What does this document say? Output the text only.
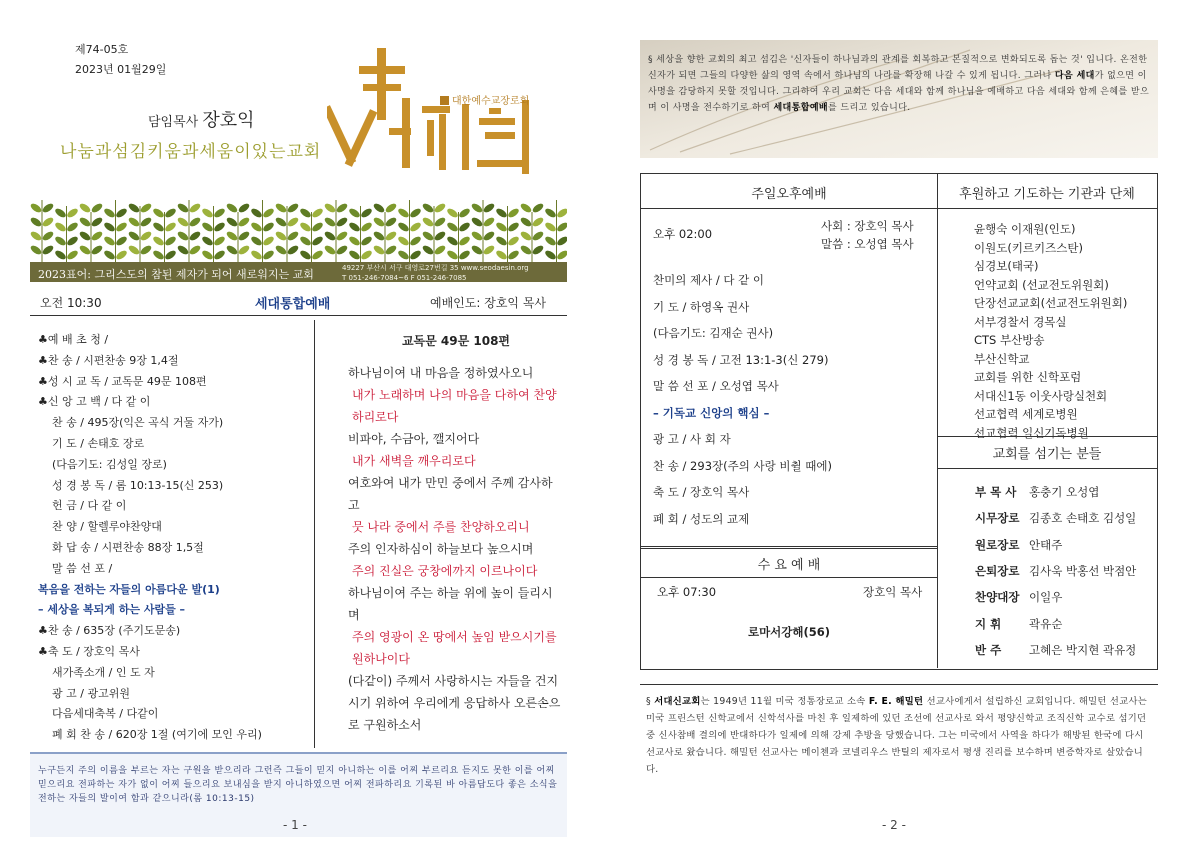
제74-05호
2023년 01월29일
담임목사 장호익
나눔과섬김키움과세움이있는교회
대한예수교장로회
2023표어: 그리스도의 참된 제자가 되어 새로워지는 교회	49227 부산시 서구 대영로27번길 35 www.seodaesin.org
T 051-246-7084~6 F 051-246-7085
오전 10:30	세대통합예배	예배인도: 장호익 목사
♣예 배 초 청 /
♣찬 송 / 시편찬송 9장 1,4절
♣성 시 교 독 / 교독문 49문 108편
♣신 앙 고 백 / 다 같 이
찬 송 / 495장(익은 곡식 거둘 자가)
기 도 / 손태호 장로
(다음기도: 김성일 장로)
성 경 봉 독 / 롬 10:13-15(신 253)
헌 금 / 다 같 이
찬 양 / 할렐루야찬양대
화 답 송 / 시편찬송 88장 1,5절
말 씀 선 포 /
복음을 전하는 자들의 아름다운 발(1)
– 세상을 복되게 하는 사람들 –
♣찬 송 / 635장 (주기도문송)
♣축 도 / 장호익 목사
새가족소개 / 인 도 자
광 고 / 광고위원
다음세대축복 / 다같이
폐 회 찬 송 / 620장 1절 (여기에 모인 우리)
교독문 49문 108편
하나님이여 내 마음을 정하였사오니
내가 노래하며 나의 마음을 다하여 찬양하리로다
비파야, 수금아, 깰지어다
내가 새벽을 깨우리로다
여호와여 내가 만민 중에서 주께 감사하고
뭇 나라 중에서 주를 찬양하오리니
주의 인자하심이 하늘보다 높으시며
주의 진실은 궁창에까지 이르나이다
하나님이여 주는 하늘 위에 높이 들리시며
주의 영광이 온 땅에서 높임 받으시기를 원하나이다
(다같이) 주께서 사랑하시는 자들을 건지시기 위하여 우리에게 응답하사 오른손으로 구원하소서
누구든지 주의 이름을 부르는 자는 구원을 받으리라 그런즉 그들이 믿지 아니하는 이를 어찌 부르리요 듣지도 못한 이를 어찌 믿으리요 전파하는 자가 없이 어찌 들으리요 보내심을 받지 아니하였으면 어찌 전파하리요 기록된 바 아름답도다 좋은 소식을 전하는 자들의 발이여 함과 같으니라(롬 10:13-15)
- 1 -
§ 세상을 향한 교회의 최고 섬김은 '신자들이 하나님과의 관계를 회복하고 본질적으로 변화되도록 돕는 것' 입니다. 온전한 신자가 되면 그들의 다양한 삶의 영역 속에서 하나님의 나라를 확장해 나갈 수 있게 됩니다. 그러나 다음 세대가 없으면 이 사명을 감당하지 못할 것입니다. 그리하여 우리 교회는 다음 세대와 함께 하나님을 예배하고 다음 세대와 함께 은혜를 받으며 이 사명을 전수하기로 하여 세대통합예배를 드리고 있습니다.
주일오후예배	후원하고 기도하는 기관과 단체
오후 02:00
사회 : 장호익 목사
말씀 : 오성엽 목사
찬미의 제사 / 다 같 이
기 도 / 하영옥 권사
(다음기도: 김재순 권사)
성 경 봉 독 / 고전 13:1-3(신 279)
말 씀 선 포 / 오성엽 목사
– 기독교 신앙의 핵심 –
광 고 / 사 회 자
찬 송 / 293장(주의 사랑 비췰 때에)
축 도 / 장호익 목사
폐 회 / 성도의 교제
윤행숙 이재원(인도)
이원도(키르키즈스탄)
심경보(태국)
언약교회 (선교전도위원회)
단장선교교회(선교전도위원회)
서부경찰서 경목실
CTS 부산방송
부산신학교
교회를 위한 신학포럼
서대신1동 이웃사랑실천회
선교협력 세계로병원
선교협력 일신기독병원
교회를 섬기는 분들
부 목 사 홍충기 오성엽
시무장로 김종호 손태호 김성일
원로장로 안태주
은퇴장로 김사욱 박홍선 박점안
찬양대장 이일우
지 휘 곽유순
반 주 고혜은 박지현 곽유정
수 요 예 배
오후 07:30	장호익 목사
로마서강해(56)
§ 서대신교회는 1949년 11월 미국 정통장로교 소속 F. E. 해밀턴 선교사에게서 설립하신 교회입니다. 해밀턴 선교사는 미국 프린스턴 신학교에서 신학석사를 마친 후 일제하에 있던 조선에 선교사로 와서 평양신학교 조직신학 교수로 섬기던 중 신사참배 결의에 반대하다가 일제에 의해 강제 추방을 당했습니다. 그는 미국에서 사역을 하다가 해방된 한국에 다시 선교사로 왔습니다. 해밀턴 선교사는 메이첸과 코넬리우스 반틸의 제자로서 평생 진리를 보수하며 변증학자로 살았습니다.
- 2 -
